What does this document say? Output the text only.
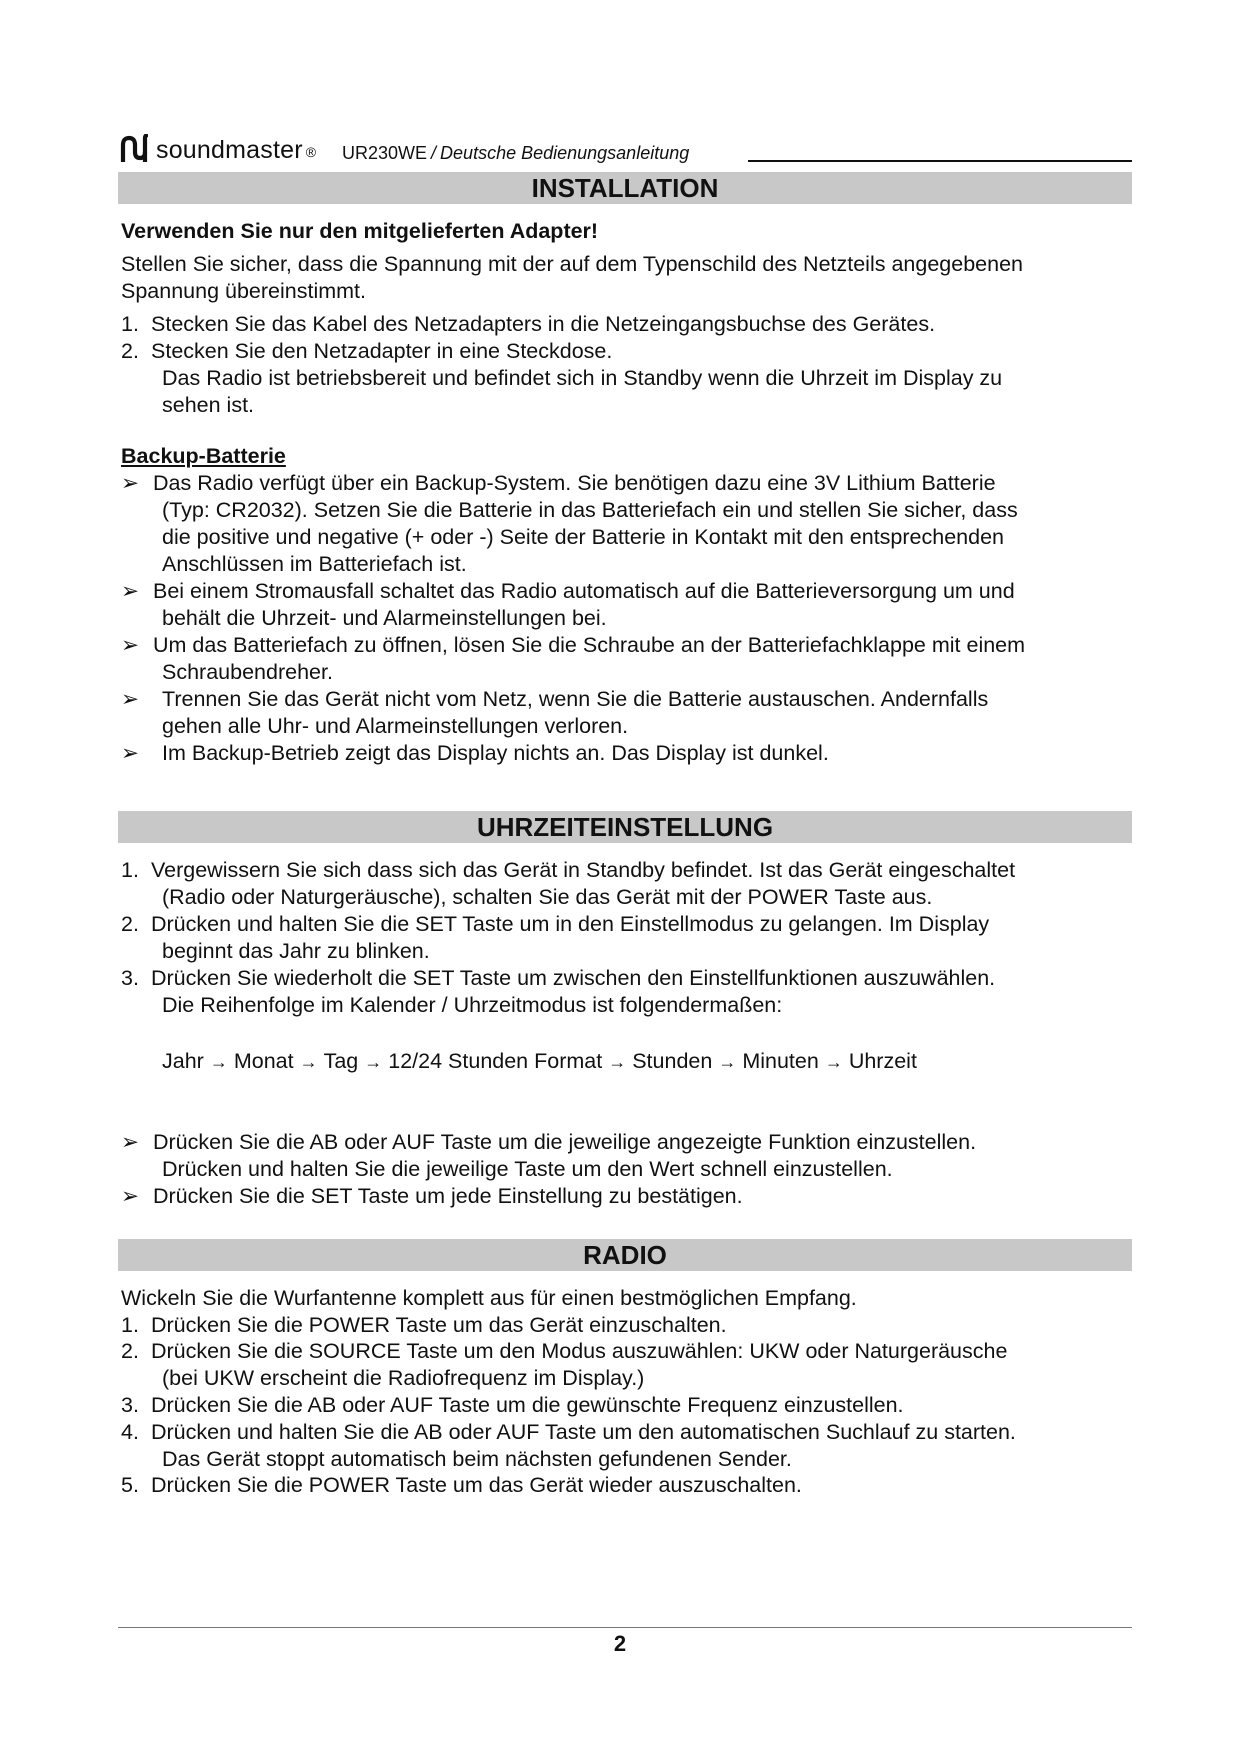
soundmaster ® UR230WE / Deutsche Bedienungsanleitung
INSTALLATION
Verwenden Sie nur den mitgelieferten Adapter!
Stellen Sie sicher, dass die Spannung mit der auf dem Typenschild des Netzteils angegebenen
Spannung übereinstimmt.
1. Stecken Sie das Kabel des Netzadapters in die Netzeingangsbuchse des Gerätes.
2. Stecken Sie den Netzadapter in eine Steckdose.
Das Radio ist betriebsbereit und befindet sich in Standby wenn die Uhrzeit im Display zu
sehen ist.
Backup-Batterie
➢ Das Radio verfügt über ein Backup-System. Sie benötigen dazu eine 3V Lithium Batterie
(Typ: CR2032). Setzen Sie die Batterie in das Batteriefach ein und stellen Sie sicher, dass
die positive und negative (+ oder -) Seite der Batterie in Kontakt mit den entsprechenden
Anschlüssen im Batteriefach ist.
➢ Bei einem Stromausfall schaltet das Radio automatisch auf die Batterieversorgung um und
behält die Uhrzeit- und Alarmeinstellungen bei.
➢ Um das Batteriefach zu öffnen, lösen Sie die Schraube an der Batteriefachklappe mit einem
Schraubendreher.
➢ Trennen Sie das Gerät nicht vom Netz, wenn Sie die Batterie austauschen. Andernfalls
gehen alle Uhr- und Alarmeinstellungen verloren.
➢ Im Backup-Betrieb zeigt das Display nichts an. Das Display ist dunkel.
UHRZEITEINSTELLUNG
1. Vergewissern Sie sich dass sich das Gerät in Standby befindet. Ist das Gerät eingeschaltet
(Radio oder Naturgeräusche), schalten Sie das Gerät mit der POWER Taste aus.
2. Drücken und halten Sie die SET Taste um in den Einstellmodus zu gelangen. Im Display
beginnt das Jahr zu blinken.
3. Drücken Sie wiederholt die SET Taste um zwischen den Einstellfunktionen auszuwählen.
Die Reihenfolge im Kalender / Uhrzeitmodus ist folgendermaßen:
Jahr → Monat → Tag → 12/24 Stunden Format → Stunden → Minuten → Uhrzeit
➢ Drücken Sie die AB oder AUF Taste um die jeweilige angezeigte Funktion einzustellen.
Drücken und halten Sie die jeweilige Taste um den Wert schnell einzustellen.
➢ Drücken Sie die SET Taste um jede Einstellung zu bestätigen.
RADIO
Wickeln Sie die Wurfantenne komplett aus für einen bestmöglichen Empfang.
1. Drücken Sie die POWER Taste um das Gerät einzuschalten.
2. Drücken Sie die SOURCE Taste um den Modus auszuwählen: UKW oder Naturgeräusche
(bei UKW erscheint die Radiofrequenz im Display.)
3. Drücken Sie die AB oder AUF Taste um die gewünschte Frequenz einzustellen.
4. Drücken und halten Sie die AB oder AUF Taste um den automatischen Suchlauf zu starten.
Das Gerät stoppt automatisch beim nächsten gefundenen Sender.
5. Drücken Sie die POWER Taste um das Gerät wieder auszuschalten.
2
